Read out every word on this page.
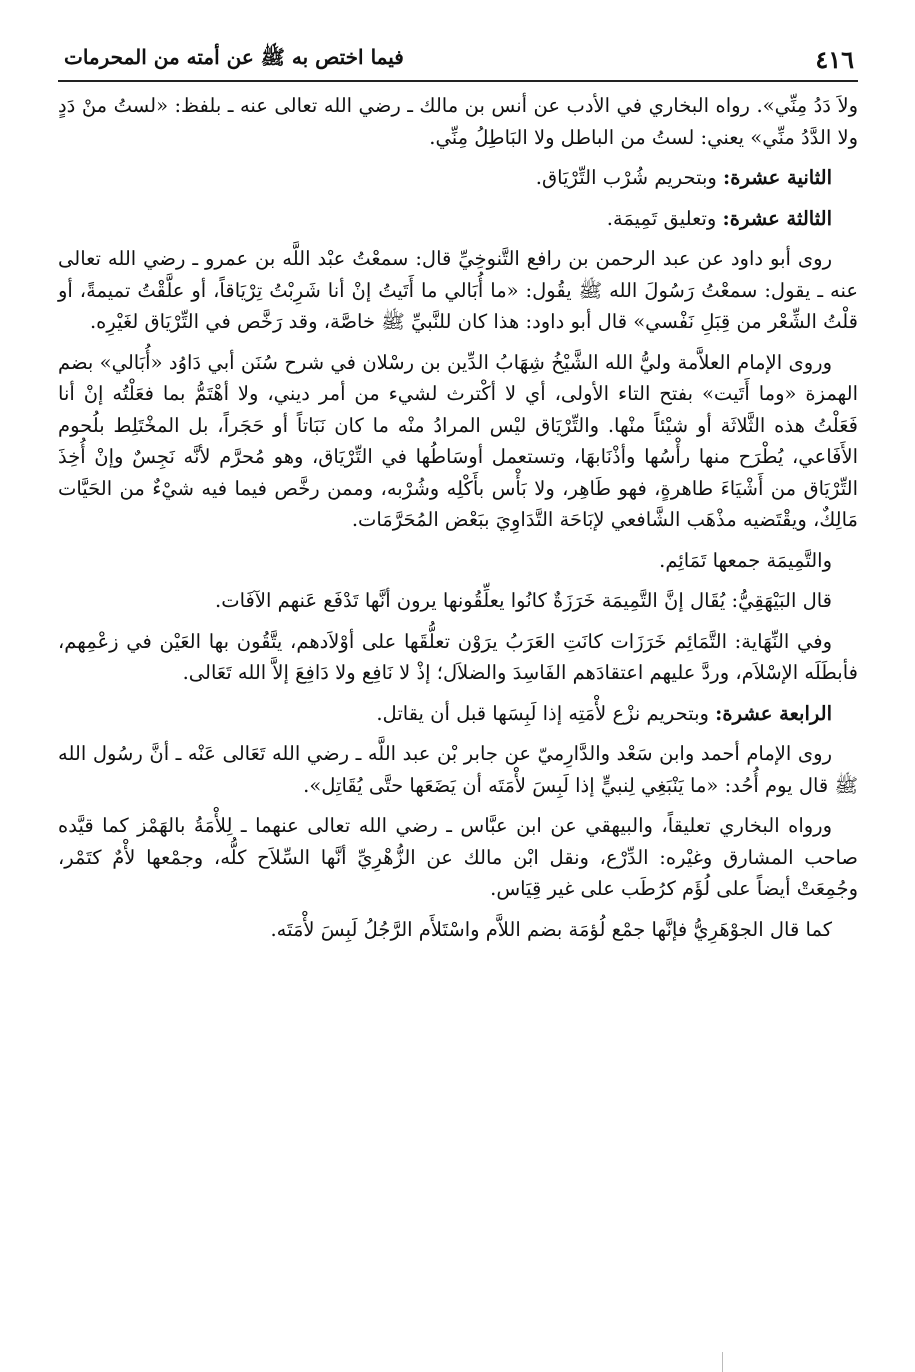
٤١٦
فيما اختص به ﷺ عن أمته من المحرمات

ولاَ دَدُ مِنِّي». رواه البخاري في الأدب عن أنس بن مالك ـ رضي الله تعالى عنه ـ بلفظ: «لستُ منْ دَدٍ ولا الدَّدُ منِّي» يعني: لستُ من الباطل ولا البَاطِلُ مِنِّي.

الثانية عشرة: وبتحريم شُرْب التِّرْيَاق.

الثالثة عشرة: وتعليق تَمِيمَة.

روى أبو داود عن عبد الرحمن بن رافع التَّنوخِيِّ قال: سمعْتُ عبْد اللَّه بن عمرو ـ رضي الله تعالى عنه ـ يقول: سمعْتُ رَسُولَ الله ﷺ يقُول: «ما أُبَالي ما أَتَيتُ إنْ أنا شَرِبْتُ تِرْيَاقاً، أو علَّقْتُ تميمةً، أو قلْتُ الشِّعْر من قِبَلِ نَفْسي» قال أبو داود: هذا كان للنَّبيِّ ﷺ خاصَّة، وقد رَخَّص في التِّرْيَاق لغَيْرِه.

وروى الإمام العلاَّمة وليُّ الله الشَّيْخُ شِهَابُ الدِّين بن رسْلان في شرح سُنَن أبي دَاوُد «أُبَالي» بضم الهمزة «وما أَتَيت» بفتح التاء الأولى، أي لا أكْترث لشيء من أمر ديني، ولا أهْتَمُّ بما فعَلْتُه إنْ أنا فَعَلْتُ هذه الثَّلاثَة أو شيْئاً منْها. والتِّرْيَاق ليْس المرادُ منْه ما كان نَبَاتاً أو حَجَراً، بل المخْتَلِط بلُحوم الأَفَاعي، يُطْرَح منها رأْسُها وأذْنَابهَا، وتستعمل أوسَاطُها في التِّرْيَاق، وهو مُحرَّم لأنَّه نَجِسٌ وإنْ أُخِذَ التِّرْيَاق من أَشْيَاءَ طاهرةٍ، فهو طَاهِر، ولا بَأْس بأَكْلِه وشُرْبه، وممن رخَّص فيما فيه شيْءٌ من الحَيَّات مَالِكٌ، ويقْتَضيه مذْهَب الشَّافعي لإبَاحَة التَّدَاوِيَ ببَعْض المُحَرَّمَات.

والتَّمِيمَة جمعها تَمَائِم.

قال البَيْهَقِيُّ: يُقَال إنَّ التَّمِيمَة خَرَزَةٌ كانُوا يعلِّقُونها يرون أنَّها تَدْفَع عَنهم الآفَات.

وفي النِّهَاية: التَّمَائِم خَرَزَات كانَتِ العَرَبُ يرَوْن تعلُّقَها على أوْلاَدهم، يتَّقُون بها العَيْن في زعْمِهم، فأبطَلَه الإسْلاَم، وردَّ عليهم اعتقادَهم الفَاسِدَ والضلاَل؛ إذْ لا نَافِع ولا دَافِعَ إلاَّ الله تَعَالى.

الرابعة عشرة: وبتحريم نزْع لأْمَتِه إذا لَبِسَها قبل أن يقاتل.

روى الإمام أحمد وابن سَعْد والدَّارِميّ عن جابر بْن عبد اللَّه ـ رضي الله تَعَالى عَنْه ـ أنَّ رسُول الله ﷺ قال يوم أُحُد: «ما يَنْبَغِي لِنبيٍّ إذا لَبِسَ لأْمَتَه أن يَضَعَها حتَّى يُقَاتِل».

ورواه البخاري تعليقاً، والبيهقي عن ابن عبَّاس ـ رضي الله تعالى عنهما ـ لِلأْمَةُ بالهَمْز كما قيَّده صاحب المشارق وغيْره: الدِّرْع، ونقل ابْن مالك عن الزُّهْرِيِّ أنَّها السِّلاَح كلُّه، وجمْعها لأْمٌ كتَمْر، وجُمِعَتْ أيضاً على لُؤَم كرُطَب على غير قِيَاس.

كما قال الجوْهَرِيُّ فإنَّها جمْع لُؤمَة بضم اللاَّم واسْتَلأَم الرَّجُلُ لَبِسَ لأْمَتَه.
